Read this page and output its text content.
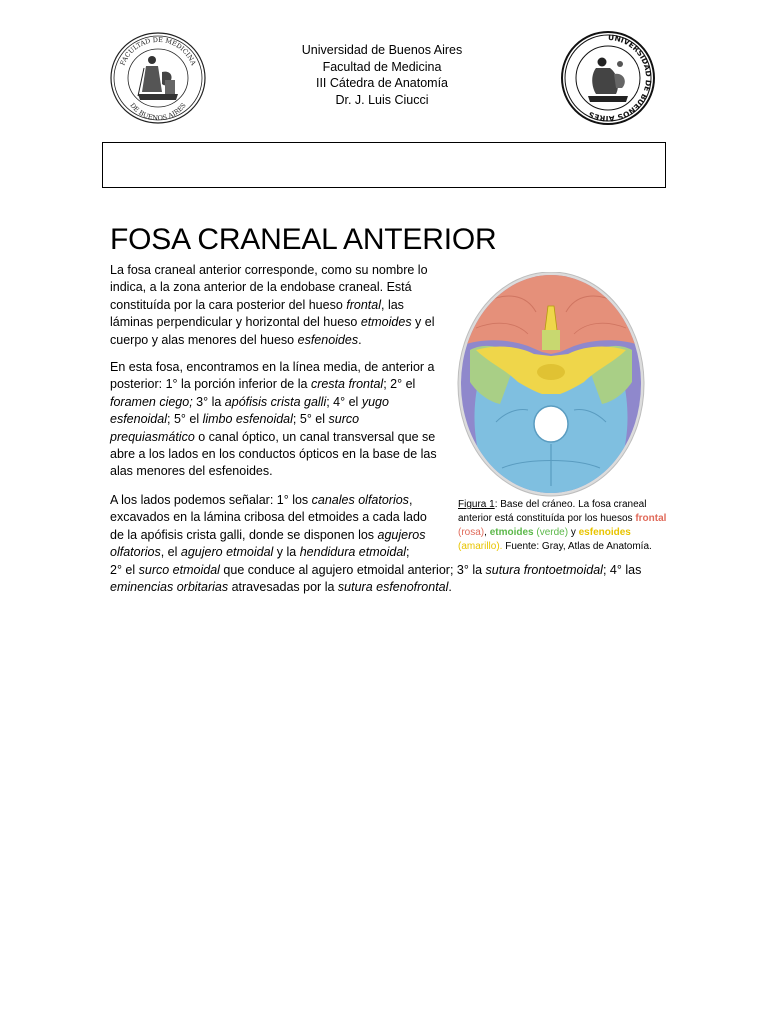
FACULTAD DE MEDICINA
DE BUENOS AIRES
Universidad de Buenos Aires
Facultad de Medicina
III Cátedra de Anatomía
Dr. J. Luis Ciucci
UNIVERSIDAD DE BUENOS AIRES
FOSA CRANEAL ANTERIOR

La fosa craneal anterior corresponde, como su nombre lo indica, a la zona anterior de la endobase craneal. Está constituída por la cara posterior del hueso frontal, las láminas perpendicular y horizontal del hueso etmoides y el cuerpo y alas menores del hueso esfenoides.

En esta fosa, encontramos en la línea media, de anterior a posterior: 1° la porción inferior de la cresta frontal; 2° el foramen ciego; 3° la apófisis crista galli; 4° el yugo esfenoidal; 5° el limbo esfenoidal; 5° el surco prequiasmático o canal óptico, un canal transversal que se abre a los lados en los conductos ópticos en la base de las alas menores del esfenoides.

A los lados podemos señalar: 1° los canales olfatorios, excavados en la lámina cribosa del etmoides a cada lado de la apófisis crista galli, donde se disponen los agujeros olfatorios, el agujero etmoidal y la hendidura etmoidal;

2° el surco etmoidal que conduce al agujero etmoidal anterior; 3° la sutura frontoetmoidal; 4° las eminencias orbitarias atravesadas por la sutura esfenofrontal.

Figura 1: Base del cráneo. La fosa craneal anterior está constituída por los huesos frontal (rosa), etmoides (verde) y esfenoides (amarillo). Fuente: Gray, Atlas de Anatomía.
